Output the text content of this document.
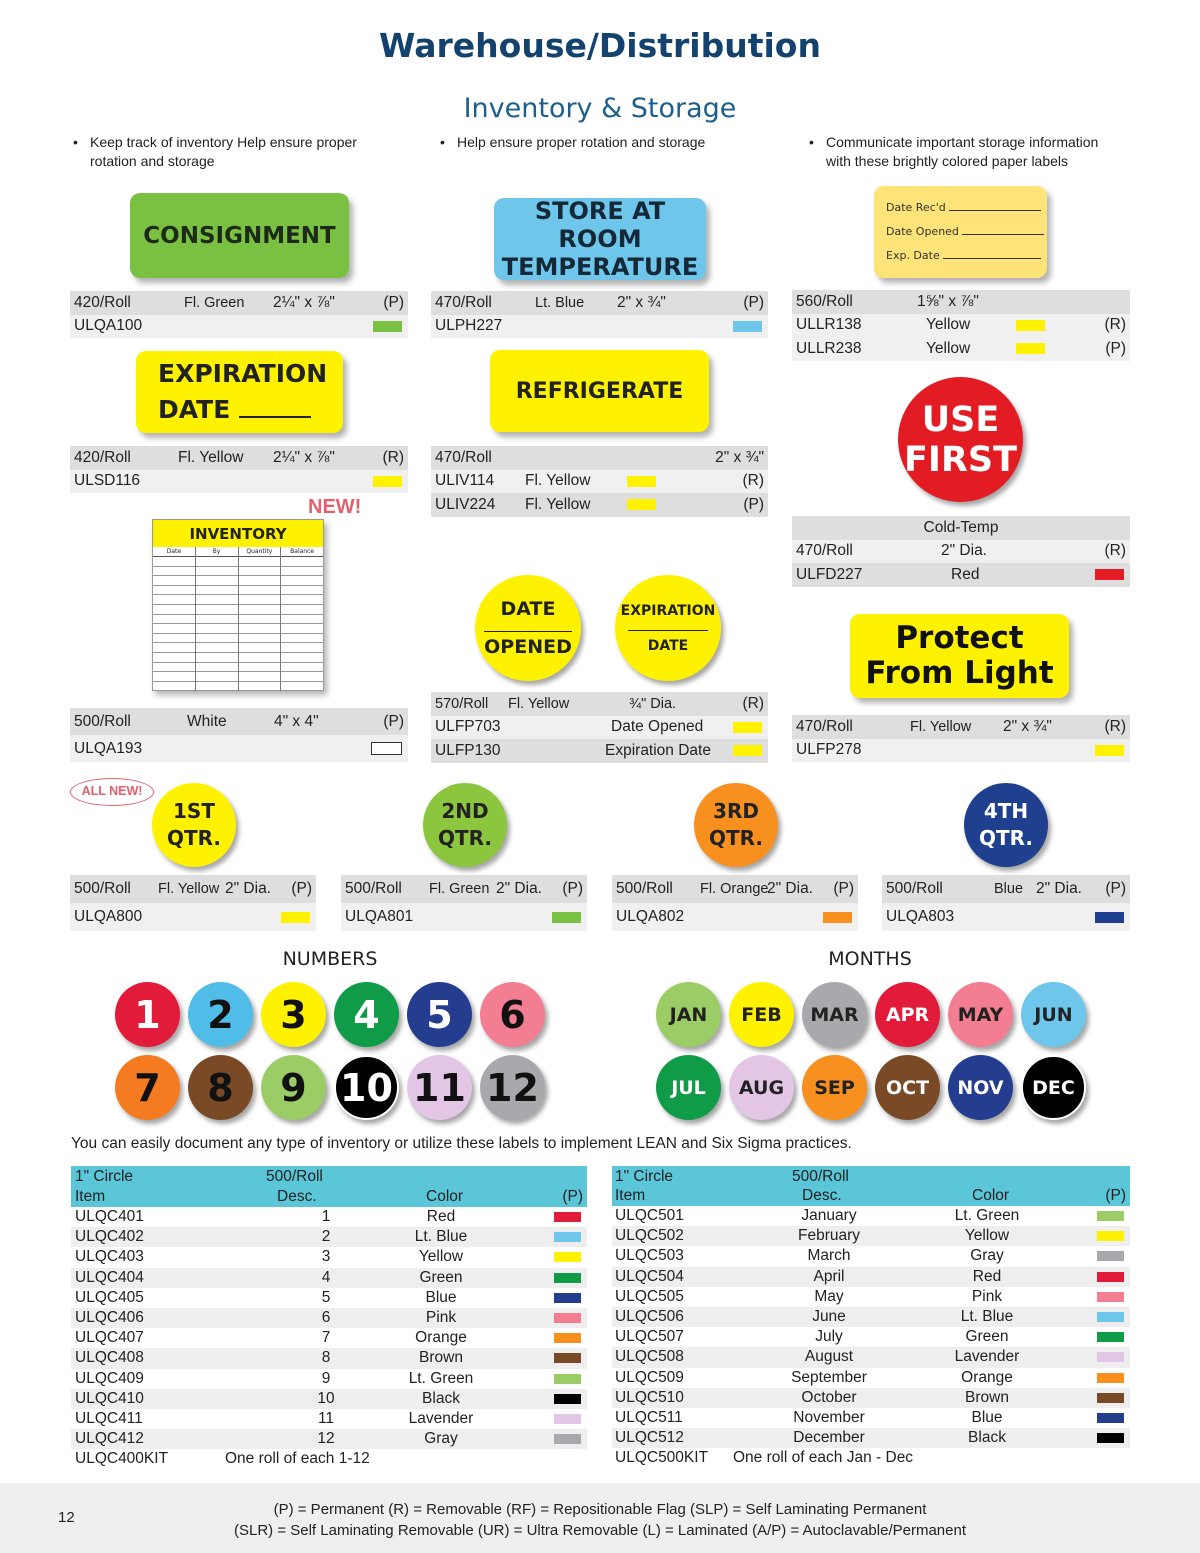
Warehouse/Distribution
Inventory & Storage
• Keep track of inventory Help ensure proper rotation and storage
• Help ensure proper rotation and storage
•	Communicate important storage information with these brightly colored paper labels
CONSIGNMENT
STORE AT ROOM
TEMPERATURE
Date Rec'd
Date Opened
Exp. Date
420/Roll	Fl. Green 2¼" x ⅞"	(P)
ULQA100
470/Roll	Lt. Blue 2" x ¾"	(P)
ULPH227
560/Roll	1⅝" x ⅞"
ULLR138	Yellow	(R)
ULLR238	Yellow	(P)
EXPIRATION
DATE
REFRIGERATE
USE
FIRST
420/Roll	Fl. Yellow 2¼" x ⅞"	(R)
ULSD116
470/Roll	2" x ¾"
ULIV114 Fl. Yellow	(R)
ULIV224 Fl. Yellow	(P)
Cold-Temp
470/Roll	2" Dia.	(R)
ULFD227	Red
NEW!
INVENTORY
Date	By	Quantity	Balance
DATE
OPENED
EXPIRATION
DATE	Protect
From Light
500/Roll	White	4" x 4"	(P)
ULQA193
570/Roll Fl. Yellow	¾" Dia.	(R)
ULFP703	Date Opened
ULFP130	Expiration Date
470/Roll	Fl. Yellow 2" x ¾"	(R)
ULFP278
ALL NEW!
1ST
QTR.
500/Roll Fl. Yellow 2" Dia. (P)
ULQA800
2ND
QTR.
500/Roll Fl. Green 2" Dia. (P)
ULQA801
3RD
QTR.
500/Roll Fl. Orange
2" Dia. (P)
ULQA802
4TH
QTR.
500/Roll	Blue 2" Dia. (P)
ULQA803
NUMBERS	MONTHS
1	2	3	4	5	6
7	8	9 10 11 12
JAN	FEB	MAR	APR	MAY	JUN
JUL	AUG	SEP	OCT	NOV	DEC
You can easily document any type of inventory or utilize these labels to implement LEAN and Six Sigma practices.
1" Circle	500/Roll
Item	Desc.	Color	(P)
ULQC401	1	Red
ULQC402	2	Lt. Blue
ULQC403	3	Yellow
ULQC404	4	Green
ULQC405	5	Blue
ULQC406	6	Pink
ULQC407	7	Orange
ULQC408	8	Brown
ULQC409	9	Lt. Green
ULQC410	10	Black
ULQC411	11	Lavender
ULQC412	12	Gray
ULQC400KIT	One roll of each 1-12
1" Circle	500/Roll
Item	Desc.	Color	(P)
ULQC501	January	Lt. Green
ULQC502	February	Yellow
ULQC503	March	Gray
ULQC504	April	Red
ULQC505	May	Pink
ULQC506	June	Lt. Blue
ULQC507	July	Green
ULQC508	August	Lavender
ULQC509	September	Orange
ULQC510	October	Brown
ULQC511	November	Blue
ULQC512	December	Black
ULQC500KIT One roll of each Jan - Dec
12	(P) = Permanent (R) = Removable (RF) = Repositionable Flag (SLP) = Self Laminating Permanent
(SLR) = Self Laminating Removable (UR) = Ultra Removable (L) = Laminated (A/P) = Autoclavable/Permanent
